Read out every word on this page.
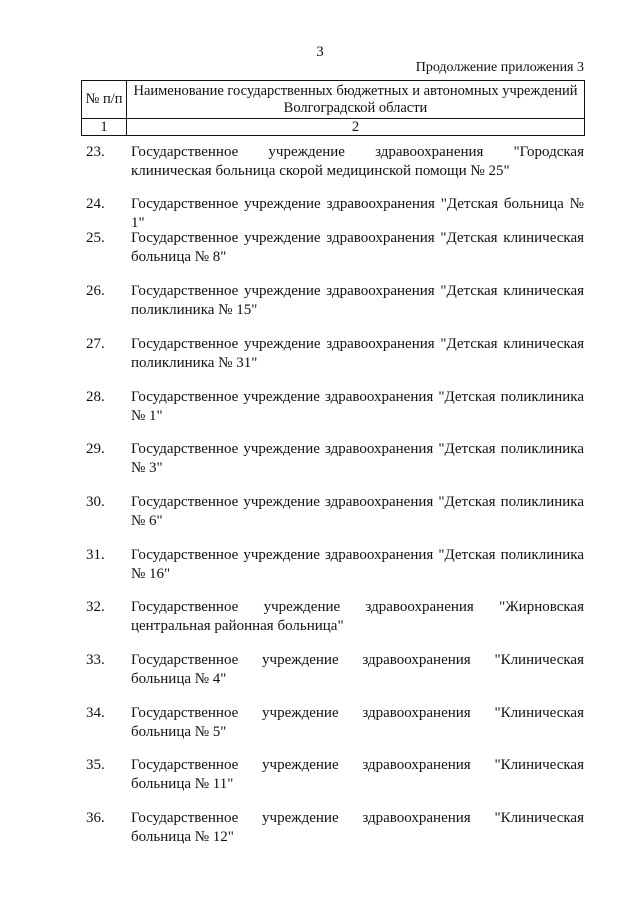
3
Продолжение приложения 3
№ п/п	Наименование государственных бюджетных и автономных учреждений Волгоградской области
1	2
23. Государственное учреждение здравоохранения "Городская клиническая больница скорой медицинской помощи № 25"
24. Государственное учреждение здравоохранения "Детская больница № 1"
25. Государственное учреждение здравоохранения "Детская клиническая больница № 8"
26. Государственное учреждение здравоохранения "Детская клиническая поликлиника № 15"
27. Государственное учреждение здравоохранения "Детская клиническая поликлиника № 31"
28. Государственное учреждение здравоохранения "Детская поликлиника № 1"
29. Государственное учреждение здравоохранения "Детская поликлиника № 3"
30. Государственное учреждение здравоохранения "Детская поликлиника № 6"
31. Государственное учреждение здравоохранения "Детская поликлиника № 16"
32. Государственное учреждение здравоохранения "Жирновская центральная районная больница"
33. Государственное учреждение здравоохранения "Клиническая больница № 4"
34. Государственное учреждение здравоохранения "Клиническая больница № 5"
35. Государственное учреждение здравоохранения "Клиническая больница № 11"
36. Государственное учреждение здравоохранения "Клиническая больница № 12"
